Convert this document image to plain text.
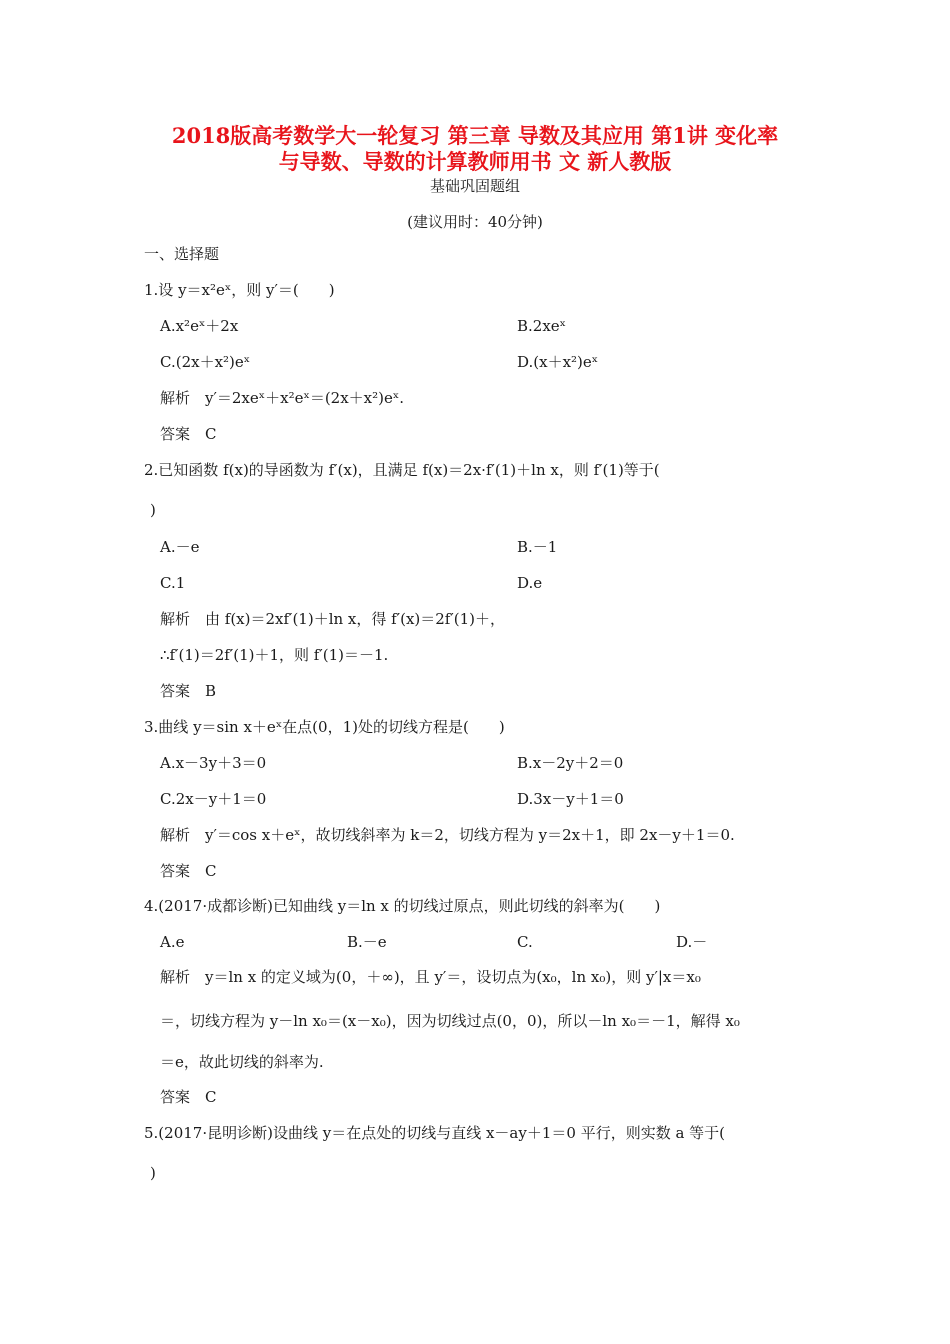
2018版高考数学大一轮复习 第三章 导数及其应用 第1讲 变化率
与导数、导数的计算教师用书 文 新人教版
基础巩固题组
(建议用时：40分钟)
一、选择题
1.设 y＝x²eˣ，则 y′＝(　　)
A.x²eˣ＋2x	B.2xeˣ
C.(2x＋x²)eˣ	D.(x＋x²)eˣ
解析　y′＝2xeˣ＋x²eˣ＝(2x＋x²)eˣ.
答案　C
2.已知函数 f(x)的导函数为 f′(x)，且满足 f(x)＝2x·f′(1)＋ln x，则 f′(1)等于(
)
A.－e	B.－1
C.1	D.e
解析　由 f(x)＝2xf′(1)＋ln x，得 f′(x)＝2f′(1)＋，
∴f′(1)＝2f′(1)＋1，则 f′(1)＝－1.
答案　B
3.曲线 y＝sin x＋eˣ在点(0，1)处的切线方程是(　　)
A.x－3y＋3＝0	B.x－2y＋2＝0
C.2x－y＋1＝0	D.3x－y＋1＝0
解析　y′＝cos x＋eˣ，故切线斜率为 k＝2，切线方程为 y＝2x＋1，即 2x－y＋1＝0.
答案　C
4.(2017·成都诊断)已知曲线 y＝ln x 的切线过原点，则此切线的斜率为(　　)
A.e	B.－e	C.	D.－
解析　y＝ln x 的定义域为(0，＋∞)，且 y′＝，设切点为(x₀，ln x₀)，则 y′|x＝x₀
＝，切线方程为 y－ln x₀＝(x－x₀)，因为切线过点(0，0)，所以－ln x₀＝－1，解得 x₀
＝e，故此切线的斜率为.
答案　C
5.(2017·昆明诊断)设曲线 y＝在点处的切线与直线 x－ay＋1＝0 平行，则实数 a 等于(
)
